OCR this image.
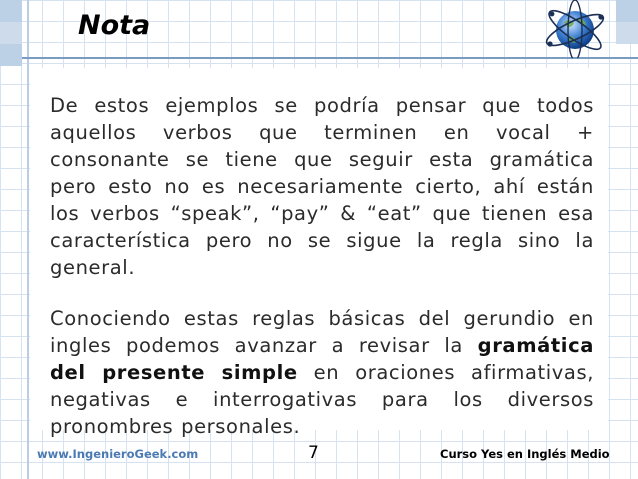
Nota

De estos ejemplos se podría pensar que todos aquellos verbos que terminen en vocal + consonante se tiene que seguir esta gramática pero esto no es necesariamente cierto, ahí están los verbos “speak”, “pay” & “eat” que tienen esa característica pero no se sigue la regla sino la general.

Conociendo estas reglas básicas del gerundio en ingles podemos avanzar a revisar la gramática del presente simple en oraciones afirmativas, negativas e interrogativas para los diversos pronombres personales.

www.IngenieroGeek.com	7	Curso Yes en Inglés Medio
